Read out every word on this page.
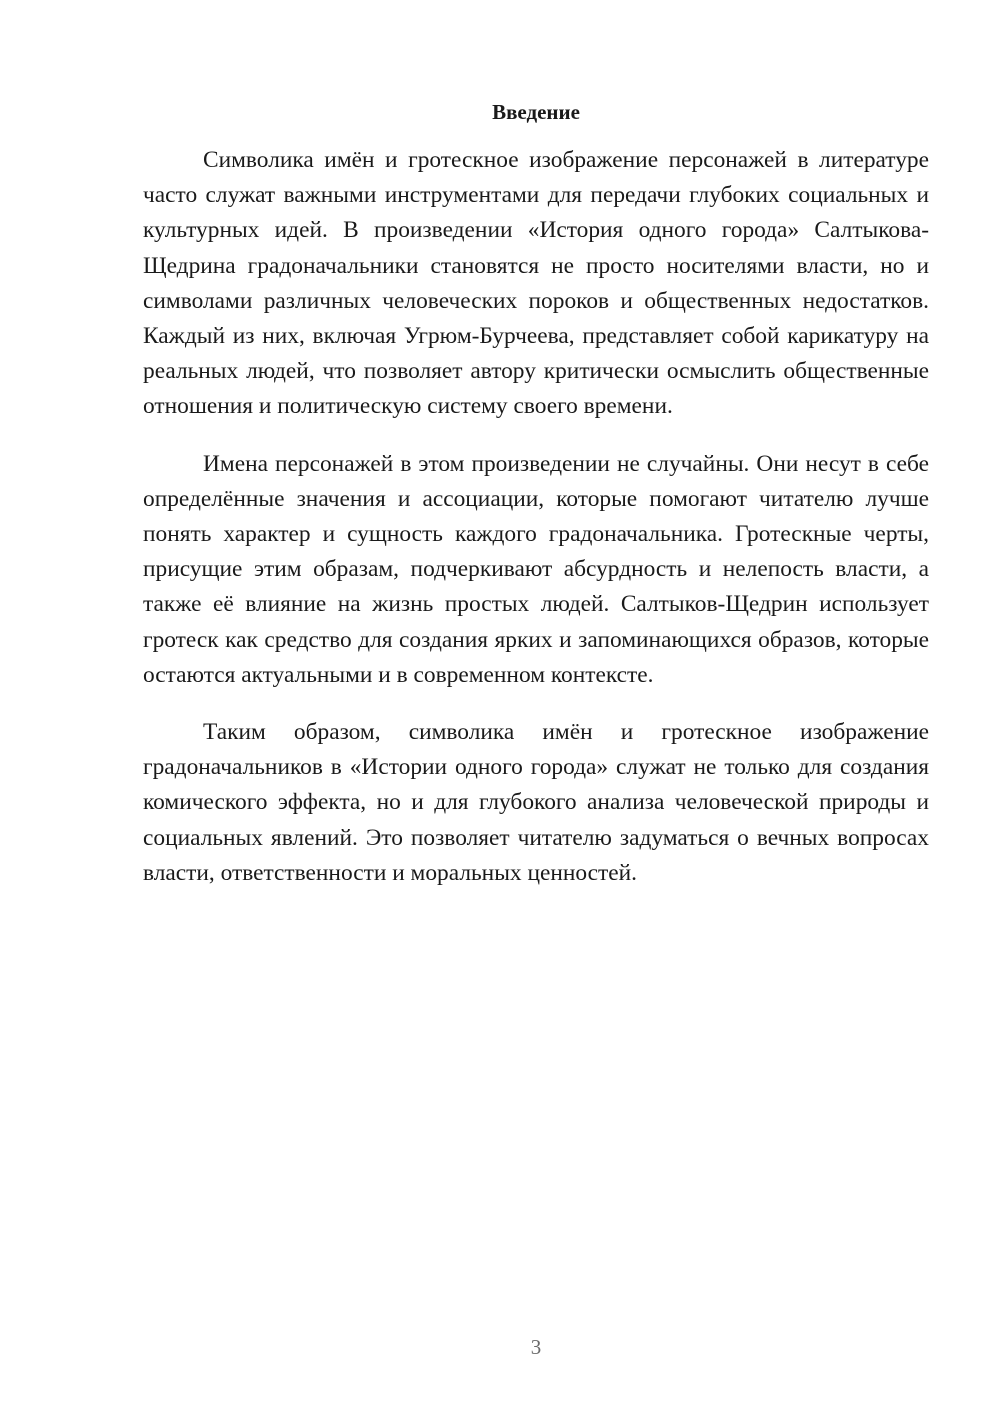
Введение

Символика имён и гротескное изображение персонажей в литературе часто служат важными инструментами для передачи глубоких социальных и культурных идей. В произведении «История одного города» Салтыкова-Щедрина градоначальники становятся не просто носителями власти, но и символами различных человеческих пороков и общественных недостатков. Каждый из них, включая Угрюм-Бурчеева, представляет собой карикатуру на реальных людей, что позволяет автору критически осмыслить общественные отношения и политическую систему своего времени.

Имена персонажей в этом произведении не случайны. Они несут в себе определённые значения и ассоциации, которые помогают читателю лучше понять характер и сущность каждого градоначальника. Гротескные черты, присущие этим образам, подчеркивают абсурдность и нелепость власти, а также её влияние на жизнь простых людей. Салтыков-Щедрин использует гротеск как средство для создания ярких и запоминающихся образов, которые остаются актуальными и в современном контексте.

Таким образом, символика имён и гротескное изображение градоначальников в «Истории одного города» служат не только для создания комического эффекта, но и для глубокого анализа человеческой природы и социальных явлений. Это позволяет читателю задуматься о вечных вопросах власти, ответственности и моральных ценностей.

3
